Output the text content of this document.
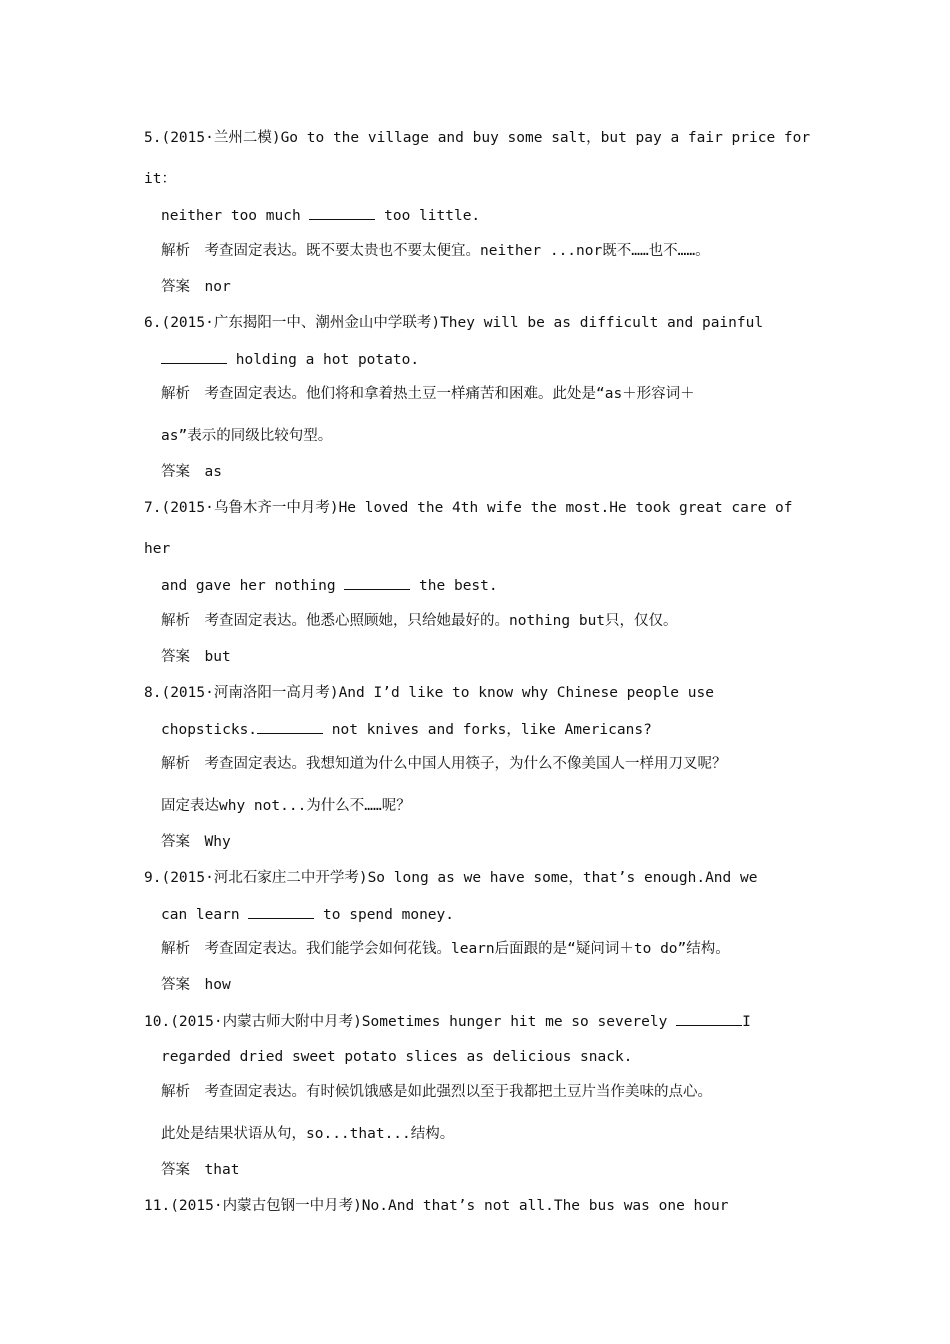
5.(2015·兰州二模)Go to the village and buy some salt，but pay a fair price for

it：

neither too much	too little.

解析　考查固定表达。既不要太贵也不要太便宜。neither ...nor既不……也不……。

答案　nor

6.(2015·广东揭阳一中、潮州金山中学联考)They will be as difficult and painful

holding a hot potato.

解析　考查固定表达。他们将和拿着热土豆一样痛苦和困难。此处是“as＋形容词＋

as”表示的同级比较句型。

答案　as

7.(2015·乌鲁木齐一中月考)He loved the 4th wife the most.He took great care of

her

and gave her nothing	the best.

解析　考查固定表达。他悉心照顾她，只给她最好的。nothing but只，仅仅。

答案　but

8.(2015·河南洛阳一高月考)And I’d like to know why Chinese people use

chopsticks.	not knives and forks，like Americans?

解析　考查固定表达。我想知道为什么中国人用筷子，为什么不像美国人一样用刀叉呢？

固定表达why not...为什么不……呢？

答案　Why

9.(2015·河北石家庄二中开学考)So long as we have some，that’s enough.And we

can learn	to spend money.

解析　考查固定表达。我们能学会如何花钱。learn后面跟的是“疑问词＋to do”结构。

答案　how

10.(2015·内蒙古师大附中月考)Sometimes hunger hit me so severely	I

regarded dried sweet potato slices as delicious snack.

解析　考查固定表达。有时候饥饿感是如此强烈以至于我都把土豆片当作美味的点心。

此处是结果状语从句，so...that...结构。

答案　that

11.(2015·内蒙古包钢一中月考)No.And that’s not all.The bus was one hour
